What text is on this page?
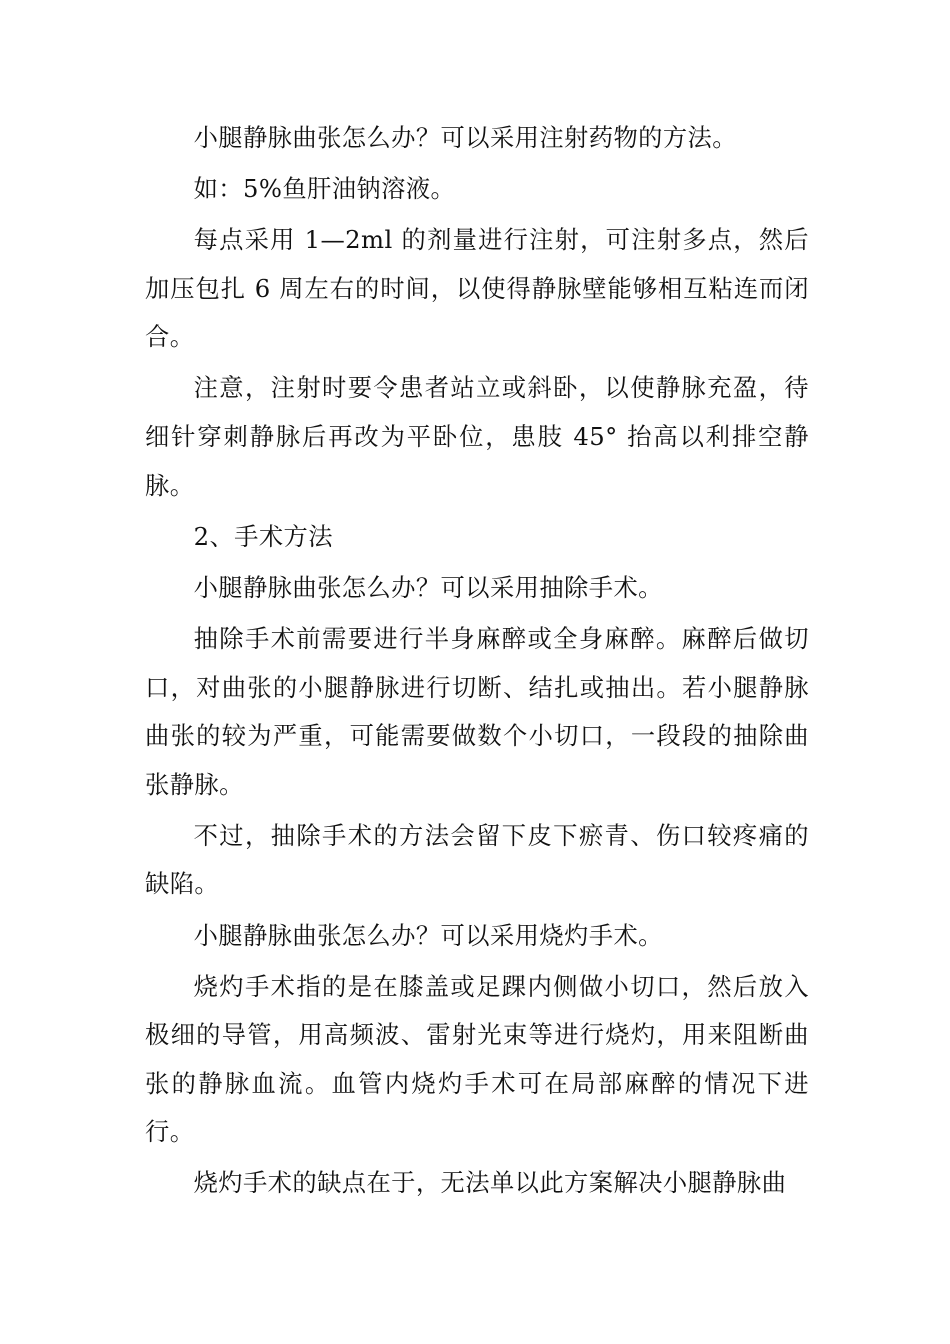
小腿静脉曲张怎么办？可以采用注射药物的方法。

如：5%鱼肝油钠溶液。

每点采用 1—2ml 的剂量进行注射，可注射多点，然后加压包扎 6 周左右的时间，以使得静脉壁能够相互粘连而闭合。

注意，注射时要令患者站立或斜卧，以使静脉充盈，待细针穿刺静脉后再改为平卧位，患肢 45° 抬高以利排空静脉。

2、手术方法

小腿静脉曲张怎么办？可以采用抽除手术。

抽除手术前需要进行半身麻醉或全身麻醉。麻醉后做切口，对曲张的小腿静脉进行切断、结扎或抽出。若小腿静脉曲张的较为严重，可能需要做数个小切口，一段段的抽除曲张静脉。

不过，抽除手术的方法会留下皮下瘀青、伤口较疼痛的缺陷。

小腿静脉曲张怎么办？可以采用烧灼手术。

烧灼手术指的是在膝盖或足踝内侧做小切口，然后放入极细的导管，用高频波、雷射光束等进行烧灼，用来阻断曲张的静脉血流。血管内烧灼手术可在局部麻醉的情况下进行。

烧灼手术的缺点在于，无法单以此方案解决小腿静脉曲
